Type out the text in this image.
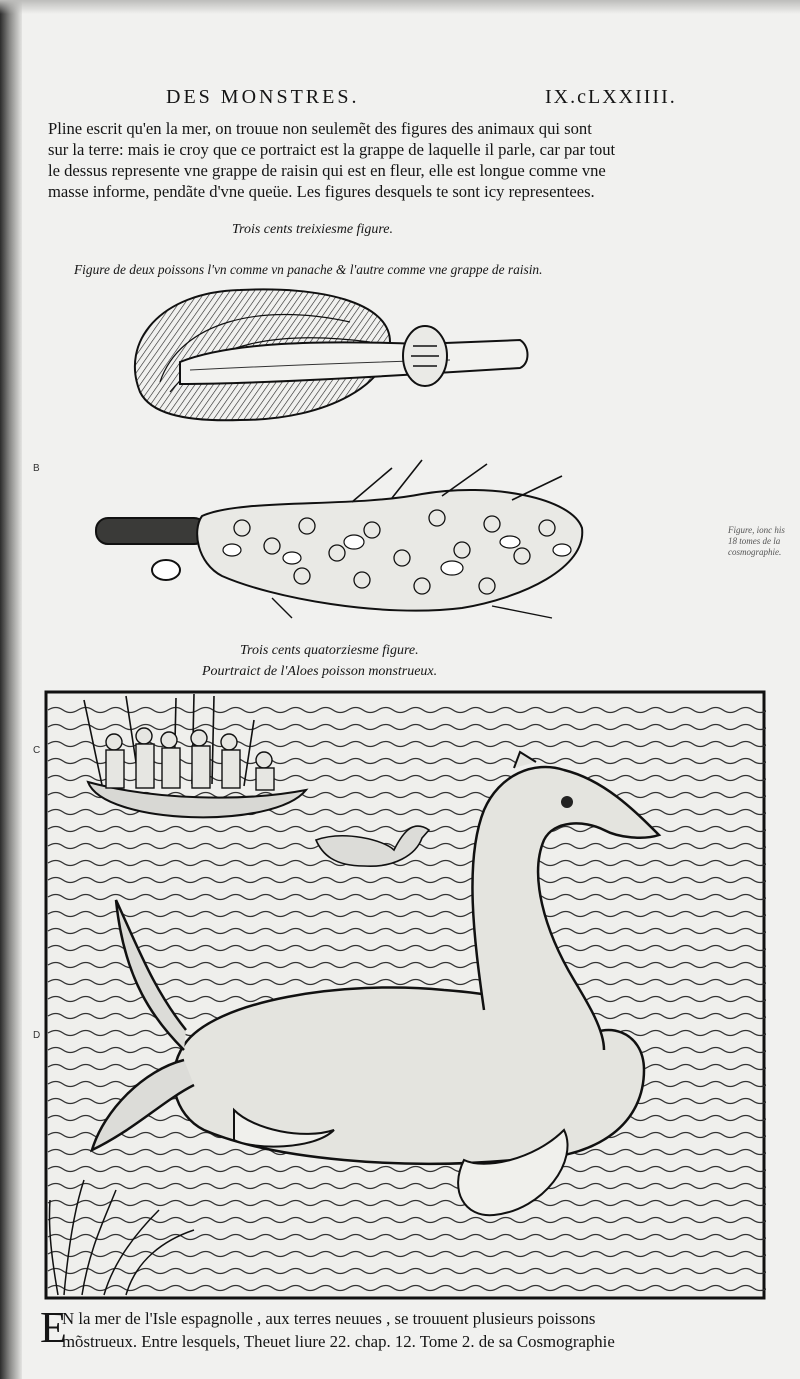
DES MONSTRES.	IX.cLXXIIII.
Pline escrit qu'en la mer, on trouue non seulemẽt des figures des animaux qui sont
sur la terre: mais ie croy que ce portraict est la grappe de laquelle il parle, car par tout
le dessus represente vne grappe de raisin qui est en fleur, elle est longue comme vne
masse informe, pendãte d'vne queüe. Les figures desquels te sont icy representees.
Trois cents treixiesme figure.
Figure de deux poissons l'vn comme vn panache & l'autre comme vne grappe de raisin.
B
Figure, ionc his 18 tomes de la cosmographie.
Trois cents quatorziesme figure.
Pourtraict de l'Aloes poisson monstrueux.
C
D
E
N la mer de l'Isle espagnolle , aux terres neuues , se trouuent plusieurs poissons
mõstrueux. Entre lesquels, Theuet liure 22. chap. 12. Tome 2. de sa Cosmographie
